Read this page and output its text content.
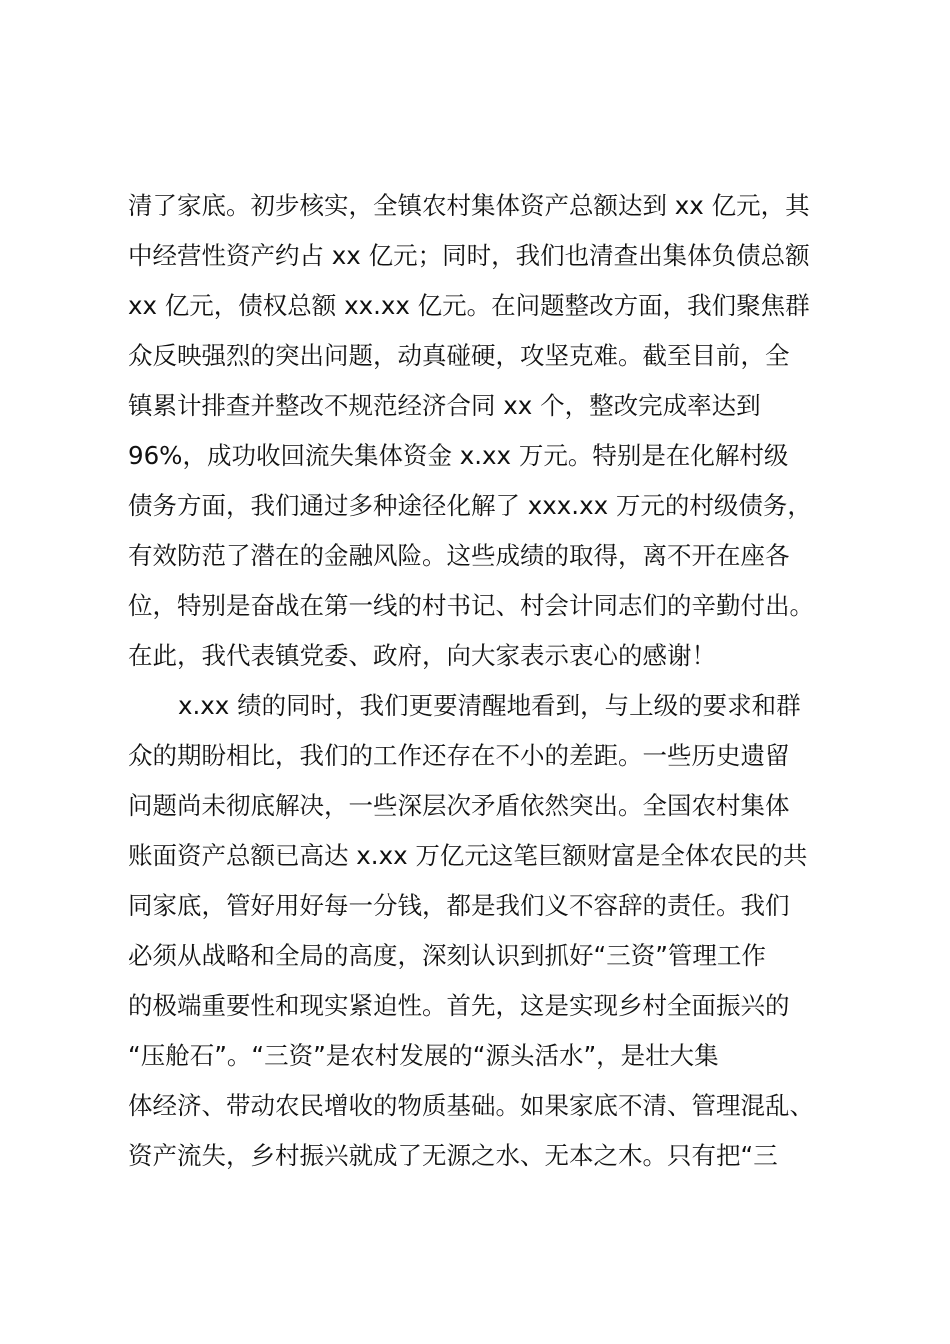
清了家底。初步核实，全镇农村集体资产总额达到 xx 亿元，其
中经营性资产约占 xx 亿元；同时，我们也清查出集体负债总额
xx 亿元，债权总额 xx.xx 亿元。在问题整改方面，我们聚焦群
众反映强烈的突出问题，动真碰硬，攻坚克难。截至目前，全
镇累计排查并整改不规范经济合同 xx 个，整改完成率达到
96%，成功收回流失集体资金 x.xx 万元。特别是在化解村级
债务方面，我们通过多种途径化解了 xxx.xx 万元的村级债务，
有效防范了潜在的金融风险。这些成绩的取得，离不开在座各
位，特别是奋战在第一线的村书记、村会计同志们的辛勤付出。
在此，我代表镇党委、政府，向大家表示衷心的感谢！
x.xx 绩的同时，我们更要清醒地看到，与上级的要求和群
众的期盼相比，我们的工作还存在不小的差距。一些历史遗留
问题尚未彻底解决，一些深层次矛盾依然突出。全国农村集体
账面资产总额已高达 x.xx 万亿元这笔巨额财富是全体农民的共
同家底，管好用好每一分钱，都是我们义不容辞的责任。我们
必须从战略和全局的高度，深刻认识到抓好“三资”管理工作
的极端重要性和现实紧迫性。首先，这是实现乡村全面振兴的
“压舱石”。“三资”是农村发展的“源头活水”，是壮大集
体经济、带动农民增收的物质基础。如果家底不清、管理混乱、
资产流失，乡村振兴就成了无源之水、无本之木。只有把“三
